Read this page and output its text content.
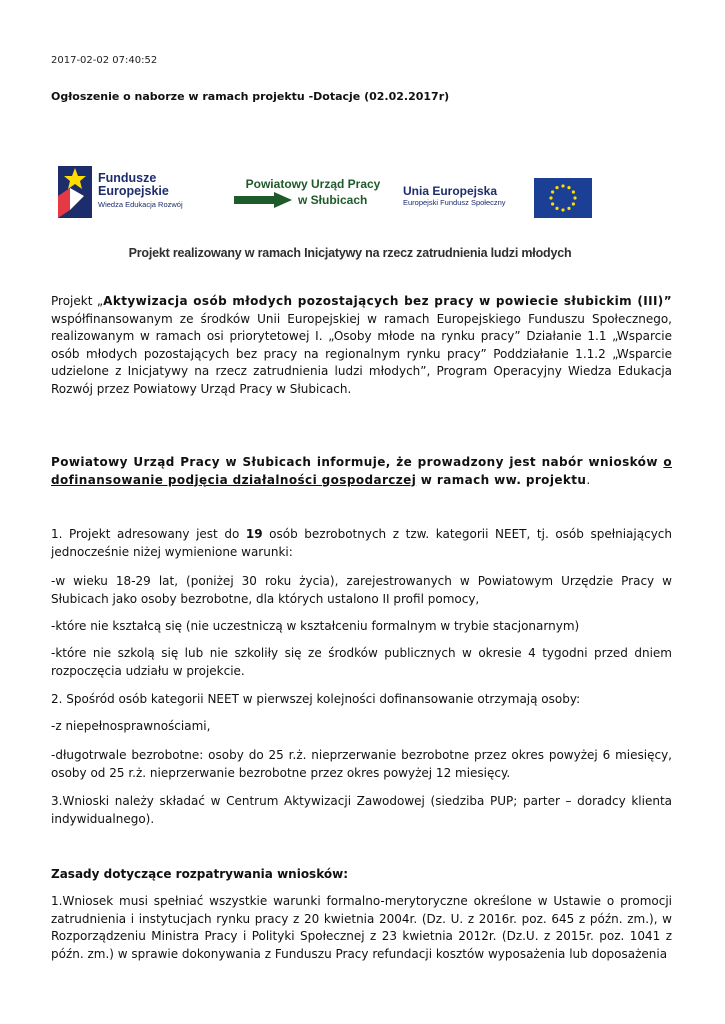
2017-02-02 07:40:52
Ogłoszenie o naborze w ramach projektu -Dotacje (02.02.2017r)
Fundusze
Europejskie
Wiedza Edukacja Rozwój
Powiatowy Urząd Pracy
w Słubicach
Unia Europejska
Europejski Fundusz Społeczny
Projekt realizowany w ramach Inicjatywy na rzecz zatrudnienia ludzi młodych

Projekt „Aktywizacja osób młodych pozostających bez pracy w powiecie słubickim (III)” współfinansowanym ze środków Unii Europejskiej w ramach Europejskiego Funduszu Społecznego, realizowanym w ramach osi priorytetowej I. „Osoby młode na rynku pracy” Działanie 1.1 „Wsparcie osób młodych pozostających bez pracy na regionalnym rynku pracy” Poddziałanie 1.1.2 „Wsparcie udzielone z Inicjatywy na rzecz zatrudnienia ludzi młodych”, Program Operacyjny Wiedza Edukacja Rozwój przez Powiatowy Urząd Pracy w Słubicach.

Powiatowy Urząd Pracy w Słubicach informuje, że prowadzony jest nabór wniosków o dofinansowanie podjęcia działalności gospodarczej w ramach ww. projektu.

1. Projekt adresowany jest do 19 osób bezrobotnych z tzw. kategorii NEET, tj. osób spełniających jednocześnie niżej wymienione warunki:

-w wieku 18-29 lat, (poniżej 30 roku życia), zarejestrowanych w Powiatowym Urzędzie Pracy w Słubicach jako osoby bezrobotne, dla których ustalono II profil pomocy,

-które nie kształcą się (nie uczestniczą w kształceniu formalnym w trybie stacjonarnym)

-które nie szkolą się lub nie szkoliły się ze środków publicznych w okresie 4 tygodni przed dniem rozpoczęcia udziału w projekcie.

2. Spośród osób kategorii NEET w pierwszej kolejności dofinansowanie otrzymają osoby:

-z niepełnosprawnościami,

-długotrwale bezrobotne: osoby do 25 r.ż. nieprzerwanie bezrobotne przez okres powyżej 6 miesięcy, osoby od 25 r.ż. nieprzerwanie bezrobotne przez okres powyżej 12 miesięcy.

3.Wnioski należy składać w Centrum Aktywizacji Zawodowej (siedziba PUP; parter – doradcy klienta indywidualnego).

Zasady dotyczące rozpatrywania wniosków:

1.Wniosek musi spełniać wszystkie warunki formalno-merytoryczne określone w Ustawie o promocji zatrudnienia i instytucjach rynku pracy z 20 kwietnia 2004r. (Dz. U. z 2016r. poz. 645 z późn. zm.), w Rozporządzeniu Ministra Pracy i Polityki Społecznej z 23 kwietnia 2012r. (Dz.U. z 2015r. poz. 1041 z późn. zm.) w sprawie dokonywania z Funduszu Pracy refundacji kosztów wyposażenia lub doposażenia
